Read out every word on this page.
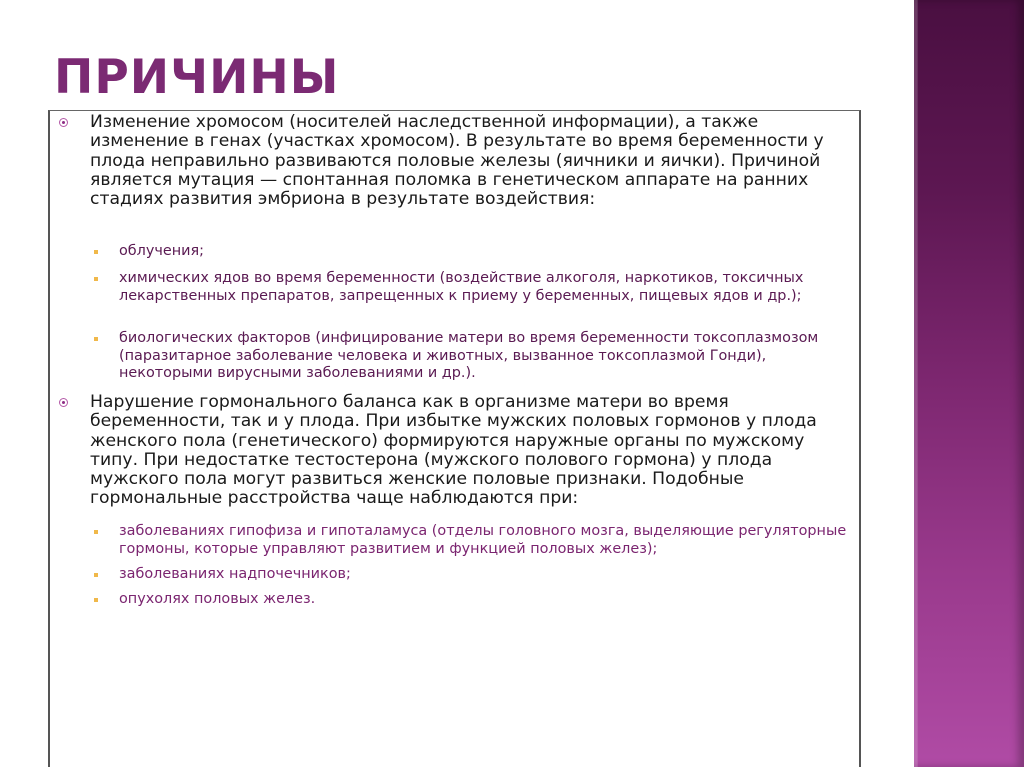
ПРИЧИНЫ
Изменение хромосом (носителей наследственной информации), а также изменение в генах (участках хромосом). В результате во время беременности у плода неправильно развиваются половые железы (яичники и яички). Причиной является мутация — спонтанная поломка в генетическом аппарате на ранних стадиях развития эмбриона в результате воздействия:
облучения;
химических ядов во время беременности (воздействие алкоголя, наркотиков, токсичных лекарственных препаратов, запрещенных к приему у беременных, пищевых ядов и др.);
биологических факторов (инфицирование матери во время беременности токсоплазмозом (паразитарное заболевание человека и животных, вызванное токсоплазмой Гонди), некоторыми вирусными заболеваниями и др.).
Нарушение гормонального баланса как в организме матери во время беременности, так и у плода. При избытке мужских половых гормонов у плода женского пола (генетического) формируются наружные органы по мужскому типу. При недостатке тестостерона (мужского полового гормона) у плода мужского пола могут развиться женские половые признаки. Подобные гормональные расстройства чаще наблюдаются при:
заболеваниях гипофиза и гипоталамуса (отделы головного мозга, выделяющие регуляторные гормоны, которые управляют развитием и функцией половых желез);
заболеваниях надпочечников;
опухолях половых желез.
